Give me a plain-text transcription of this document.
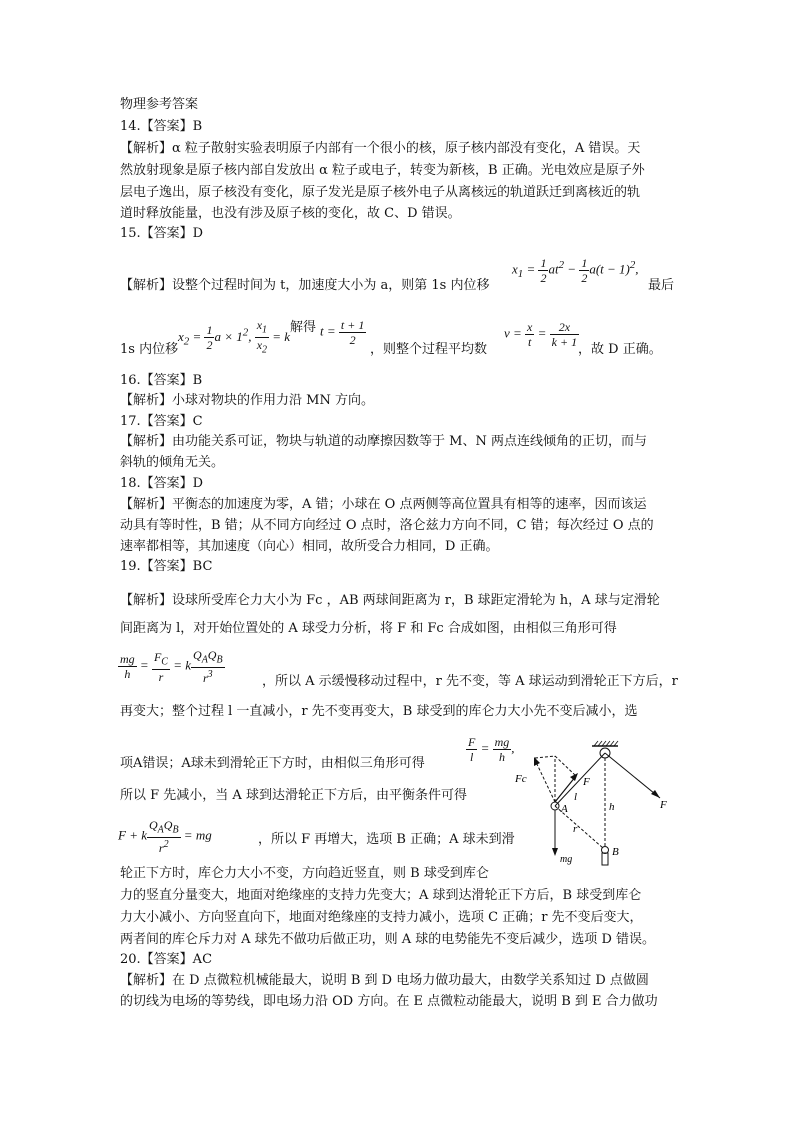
物理参考答案
14.【答案】B
【解析】α 粒子散射实验表明原子内部有一个很小的核，原子核内部没有变化，A 错误。天
然放射现象是原子核内部自发放出 α 粒子或电子，转变为新核，B 正确。光电效应是原子外
层电子逸出，原子核没有变化，原子发光是原子核外电子从离核远的轨道跃迁到离核近的轨
道时释放能量，也没有涉及原子核的变化，故 C、D 错误。
15.【答案】D
【解析】设整个过程时间为 t，加速度大小为 a，则第 1s 内位移
$x_1 = \frac{1}{2} at^2 - \frac{1}{2} a(t - 1)^2$,
最后
$x_2 = \frac{1}{2}$ $a \times 1^2$, $\frac{x_1}{x_2} = k$
解得 $t = \frac{t + 1}{2}$
1s 内位移	，则整个过程平均数
$v = \frac{x}{t} = \frac{2x}{k + 1}$
，故 D 正确。
16.【答案】B
【解析】小球对物块的作用力沿 MN 方向。
17.【答案】C
【解析】由功能关系可证，物块与轨道的动摩擦因数等于 M、N 两点连线倾角的正切，而与
斜轨的倾角无关。
18.【答案】D
【解析】平衡态的加速度为零，A 错；小球在 O 点两侧等高位置具有相等的速率，因而该运
动具有等时性，B 错；从不同方向经过 O 点时，洛仑兹力方向不同，C 错；每次经过 O 点的
速率都相等，其加速度（向心）相同，故所受合力相同，D 正确。
19.【答案】BC
【解析】设球所受库仑力大小为 Fc ，AB 两球间距离为 r，B 球距定滑轮为 h，A 球与定滑轮
间距离为 l，对开始位置处的 A 球受力分析，将 F 和 Fc 合成如图，由相似三角形可得
$\frac{mg}{h} = \frac{F_C}{r} = k \frac{Q_AQ_B}{r^3}$	，所以 A 示缓慢移动过程中，r 先不变，等 A 球运动到滑轮正下方后，r
再变大；整个过程 l 一直减小，r 先不变再变大，B 球受到的库仑力大小先不变后减小，选
项A错误；A球未到滑轮正下方时，由相似三角形可得	$\frac{F}{l} = \frac{mg}{h}$ ,
所以 F 先减小，当 A 球到达滑轮正下方后，由平衡条件可得
F + k $\frac{Q_AQ_B}{r^2}$ = mg	，所以 F 再增大，选项 B 正确；A 球未到滑
轮正下方时，库仑力大小不变，方向趋近竖直，则 B 球受到库仑
力的竖直分量变大，地面对绝缘座的支持力先变大；A 球到达滑轮正下方后，B 球受到库仑
力大小减小、方向竖直向下，地面对绝缘座的支持力减小，选项 C 正确；r 先不变后变大，
两者间的库仑斥力对 A 球先不做功后做正功，则 A 球的电势能先不变后减少，选项 D 错误。
20.【答案】AC
【解析】在 D 点微粒机械能最大，说明 B 到 D 电场力做功最大，由数学关系知过 D 点做圆
的切线为电场的等势线，即电场力沿 OD 方向。在 E 点微粒动能最大，说明 B 到 E 合力做功
F
Fc
A
l
F
h
r
mg
B
